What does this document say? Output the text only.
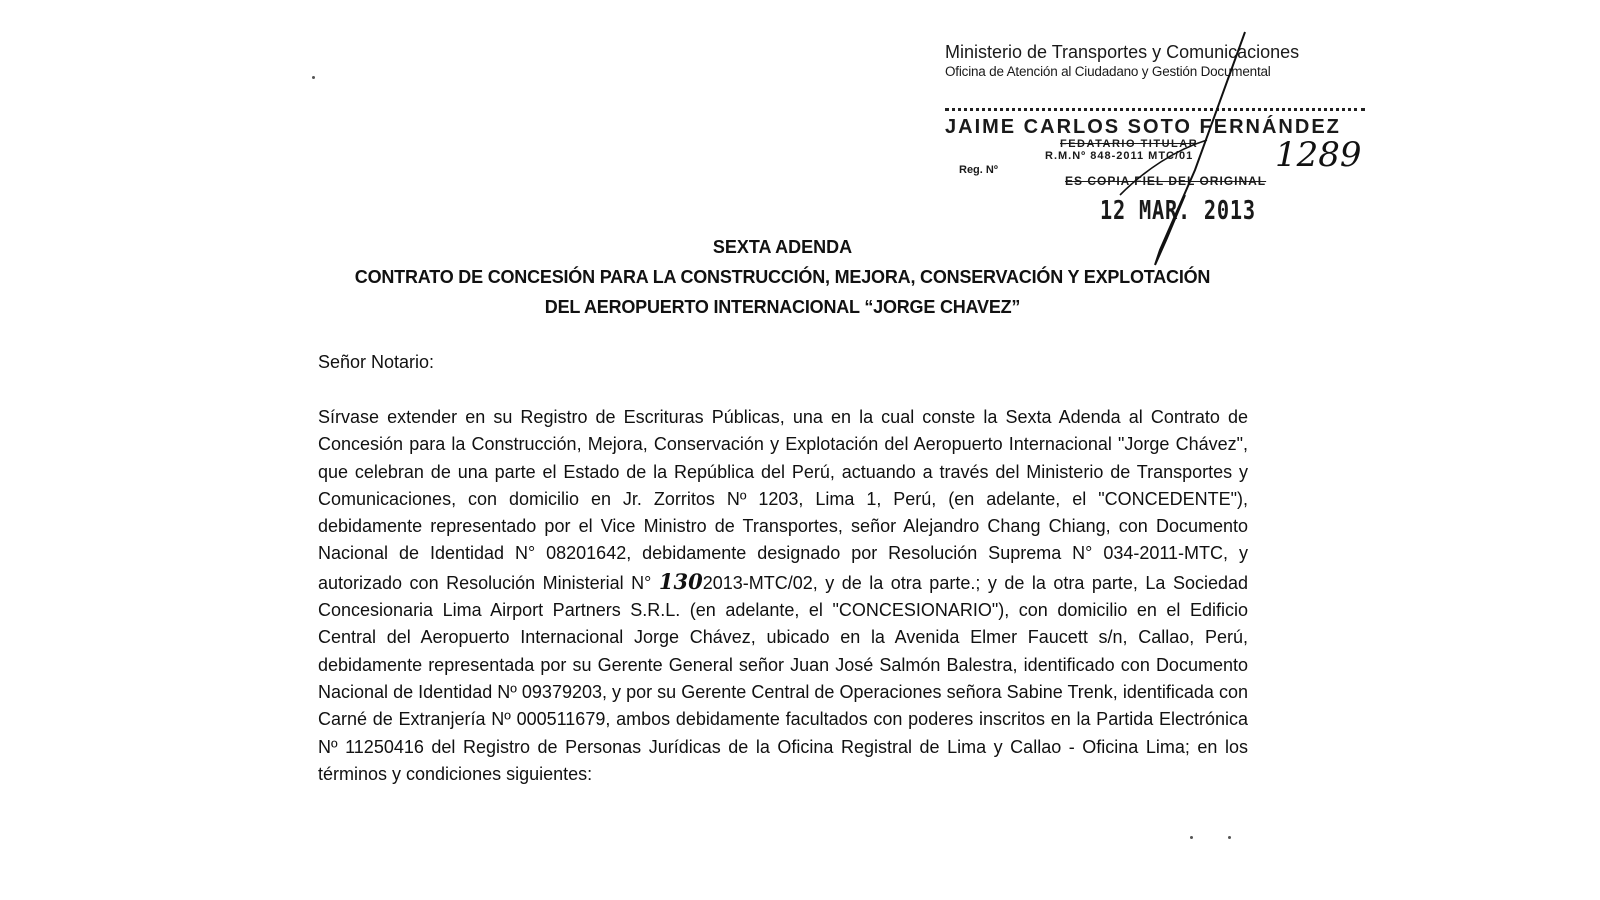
Ministerio de Transportes y Comunicaciones
Oficina de Atención al Ciudadano y Gestión Documental
JAIME CARLOS SOTO FERNÁNDEZ
FEDATARIO TITULAR
R.M.Nº 848-2011 MTC/01
Reg. Nº
ES COPIA FIEL DEL ORIGINAL
12 MAR. 2013
1289
SEXTA ADENDA
CONTRATO DE CONCESIÓN PARA LA CONSTRUCCIÓN, MEJORA, CONSERVACIÓN Y EXPLOTACIÓN
DEL AEROPUERTO INTERNACIONAL “JORGE CHAVEZ”
Señor Notario:
Sírvase extender en su Registro de Escrituras Públicas, una en la cual conste la Sexta Adenda al Contrato de Concesión para la Construcción, Mejora, Conservación y Explotación del Aeropuerto Internacional "Jorge Chávez", que celebran de una parte el Estado de la República del Perú, actuando a través del Ministerio de Transportes y Comunicaciones, con domicilio en Jr. Zorritos Nº 1203, Lima 1, Perú, (en adelante, el "CONCEDENTE"), debidamente representado por el Vice Ministro de Transportes, señor Alejandro Chang Chiang, con Documento Nacional de Identidad N° 08201642, debidamente designado por Resolución Suprema N° 034-2011-MTC, y autorizado con Resolución Ministerial N° 1302013-MTC/02, y de la otra parte.; y de la otra parte, La Sociedad Concesionaria Lima Airport Partners S.R.L. (en adelante, el "CONCESIONARIO"), con domicilio en el Edificio Central del Aeropuerto Internacional Jorge Chávez, ubicado en la Avenida Elmer Faucett s/n, Callao, Perú, debidamente representada por su Gerente General señor Juan José Salmón Balestra, identificado con Documento Nacional de Identidad Nº 09379203, y por su Gerente Central de Operaciones señora Sabine Trenk, identificada con Carné de Extranjería Nº 000511679, ambos debidamente facultados con poderes inscritos en la Partida Electrónica Nº 11250416 del Registro de Personas Jurídicas de la Oficina Registral de Lima y Callao - Oficina Lima; en los términos y condiciones siguientes:
